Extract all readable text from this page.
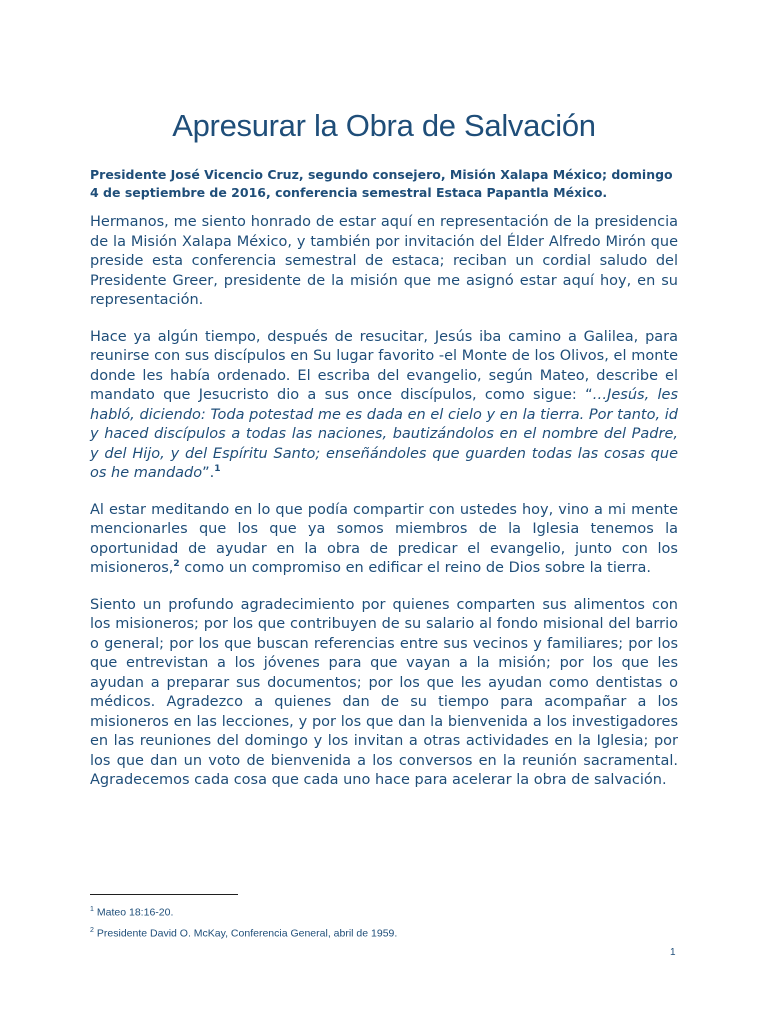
Apresurar la Obra de Salvación
Presidente José Vicencio Cruz, segundo consejero, Misión Xalapa México; domingo 4 de septiembre de 2016, conferencia semestral Estaca Papantla México.

Hermanos, me siento honrado de estar aquí en representación de la presidencia de la Misión Xalapa México, y también por invitación del Élder Alfredo Mirón que preside esta conferencia semestral de estaca; reciban un cordial saludo del Presidente Greer, presidente de la misión que me asignó estar aquí hoy, en su representación.

Hace ya algún tiempo, después de resucitar, Jesús iba camino a Galilea, para reunirse con sus discípulos en Su lugar favorito -el Monte de los Olivos, el monte donde les había ordenado. El escriba del evangelio, según Mateo, describe el mandato que Jesucristo dio a sus once discípulos, como sigue: “…Jesús, les habló, diciendo: Toda potestad me es dada en el cielo y en la tierra. Por tanto, id y haced discípulos a todas las naciones, bautizándolos en el nombre del Padre, y del Hijo, y del Espíritu Santo; enseñándoles que guarden todas las cosas que os he mandado”.$^1$

Al estar meditando en lo que podía compartir con ustedes hoy, vino a mi mente mencionarles que los que ya somos miembros de la Iglesia tenemos la oportunidad de ayudar en la obra de predicar el evangelio, junto con los misioneros,$^2$ como un compromiso en edificar el reino de Dios sobre la tierra.

Siento un profundo agradecimiento por quienes comparten sus alimentos con los misioneros; por los que contribuyen de su salario al fondo misional del barrio o general; por los que buscan referencias entre sus vecinos y familiares; por los que entrevistan a los jóvenes para que vayan a la misión; por los que les ayudan a preparar sus documentos; por los que les ayudan como dentistas o médicos. Agradezco a quienes dan de su tiempo para acompañar a los misioneros en las lecciones, y por los que dan la bienvenida a los investigadores en las reuniones del domingo y los invitan a otras actividades en la Iglesia; por los que dan un voto de bienvenida a los conversos en la reunión sacramental. Agradecemos cada cosa que cada uno hace para acelerar la obra de salvación.

$^1$ Mateo 18:16-20.
$^2$ Presidente David O. McKay, Conferencia General, abril de 1959.
1
